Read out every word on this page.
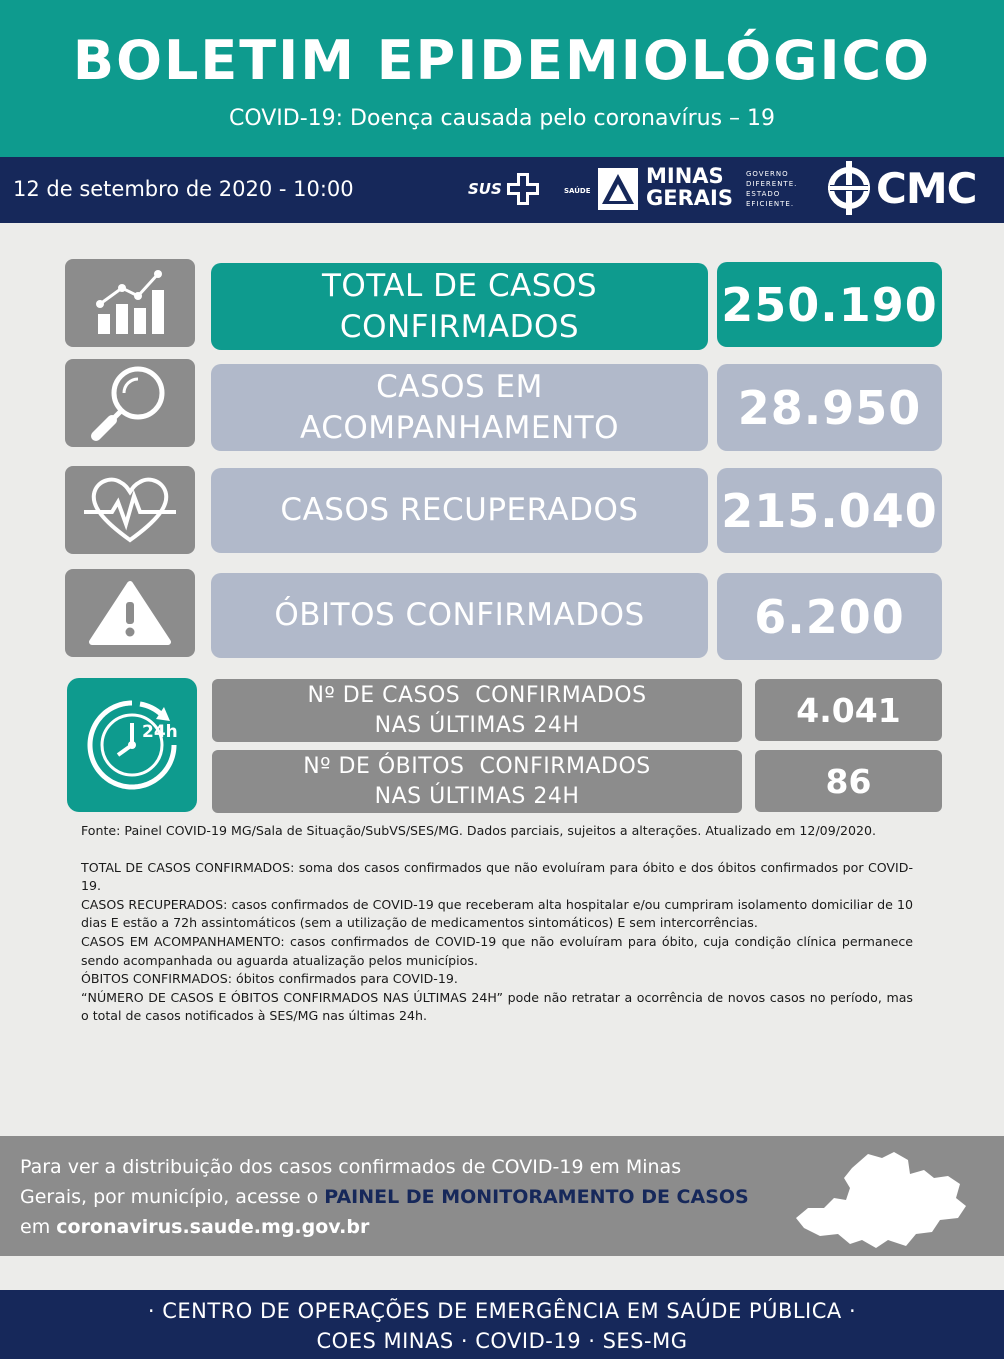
BOLETIM EPIDEMIOLÓGICO
COVID-19: Doença causada pelo coronavírus – 19
12 de setembro de 2020 - 10:00	SUS	SAÚDE
MINAS
GERAIS
GOVERNO
DIFERENTE.
ESTADO
EFICIENTE. CMC
TOTAL DE CASOS
CONFIRMADOS	250.190
CASOS EM
ACOMPANHAMENTO	28.950
CASOS RECUPERADOS	215.040
ÓBITOS CONFIRMADOS	6.200
24h
Nº DE CASOS  CONFIRMADOS
NAS ÚLTIMAS 24H	4.041
Nº DE ÓBITOS  CONFIRMADOS
NAS ÚLTIMAS 24H	86

Fonte: Painel COVID-19 MG/Sala de Situação/SubVS/SES/MG. Dados parciais, sujeitos a alterações. Atualizado em 12/09/2020.

TOTAL DE CASOS CONFIRMADOS: soma dos casos confirmados que não evoluíram para óbito e dos óbitos confirmados por COVID-19.

CASOS RECUPERADOS: casos confirmados de COVID-19 que receberam alta hospitalar e/ou cumpriram isolamento domiciliar de 10 dias E estão a 72h assintomáticos (sem a utilização de medicamentos sintomáticos) E sem intercorrências.

CASOS EM ACOMPANHAMENTO: casos confirmados de COVID-19 que não evoluíram para óbito, cuja condição clínica permanece sendo acompanhada ou aguarda atualização pelos municípios.

ÓBITOS CONFIRMADOS: óbitos confirmados para COVID-19.

“NÚMERO DE CASOS E ÓBITOS CONFIRMADOS NAS ÚLTIMAS 24H” pode não retratar a ocorrência de novos casos no período, mas o total de casos notificados à SES/MG nas últimas 24h.

Para ver a distribuição dos casos confirmados de COVID-19 em Minas
Gerais, por município, acesse o PAINEL DE MONITORAMENTO DE CASOS
em coronavirus.saude.mg.gov.br
· CENTRO DE OPERAÇÕES DE EMERGÊNCIA EM SAÚDE PÚBLICA ·
COES MINAS · COVID-19 · SES-MG
